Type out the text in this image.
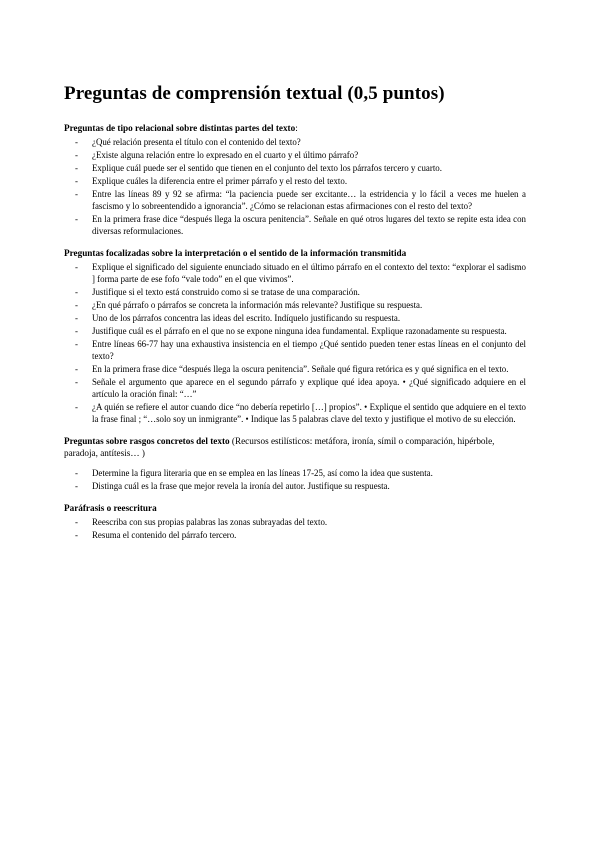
Preguntas de comprensión textual (0,5 puntos)
Preguntas de tipo relacional sobre distintas partes del texto:
- ¿Qué relación presenta el título con el contenido del texto?
- ¿Existe alguna relación entre lo expresado en el cuarto y el último párrafo?
- Explique cuál puede ser el sentido que tienen en el conjunto del texto los párrafos tercero y cuarto.
- Explique cuáles la diferencia entre el primer párrafo y el resto del texto.
- Entre las líneas 89 y 92 se afirma: “la paciencia puede ser excitante… la estridencia y lo fácil a veces me huelen a fascismo y lo sobreentendido a ignorancia”. ¿Cómo se relacionan estas afirmaciones con el resto del texto?
- En la primera frase dice “después llega la oscura penitencia”. Señale en qué otros lugares del texto se repite esta idea con diversas reformulaciones.
Preguntas focalizadas sobre la interpretación o el sentido de la información transmitida
- Explique el significado del siguiente enunciado situado en el último párrafo en el contexto del texto: “explorar el sadismo ] forma parte de ese fofo “vale todo” en el que vivimos”.
- Justifique si el texto está construido como si se tratase de una comparación.
- ¿En qué párrafo o párrafos se concreta la información más relevante? Justifique su respuesta.
- Uno de los párrafos concentra las ideas del escrito. Indíquelo justificando su respuesta.
- Justifique cuál es el párrafo en el que no se expone ninguna idea fundamental. Explique razonadamente su respuesta.
- Entre líneas 66-77 hay una exhaustiva insistencia en el tiempo ¿Qué sentido pueden tener estas líneas en el conjunto del texto?
- En la primera frase dice “después llega la oscura penitencia”. Señale qué figura retórica es y qué significa en el texto.
- Señale el argumento que aparece en el segundo párrafo y explique qué idea apoya. • ¿Qué significado adquiere en el artículo la oración final: “…”
- ¿A quién se refiere el autor cuando dice “no debería repetirlo […] propios”. • Explique el sentido que adquiere en el texto la frase final ; “…solo soy un inmigrante”. • Indique las 5 palabras clave del texto y justifique el motivo de su elección.
Preguntas sobre rasgos concretos del texto (Recursos estilísticos: metáfora, ironía, símil o comparación, hipérbole, paradoja, antítesis… )
- Determine la figura literaria que en se emplea en las líneas 17-25, así como la idea que sustenta.
- Distinga cuál es la frase que mejor revela la ironía del autor. Justifique su respuesta.
Paráfrasis o reescritura
- Reescriba con sus propias palabras las zonas subrayadas del texto.
- Resuma el contenido del párrafo tercero.
